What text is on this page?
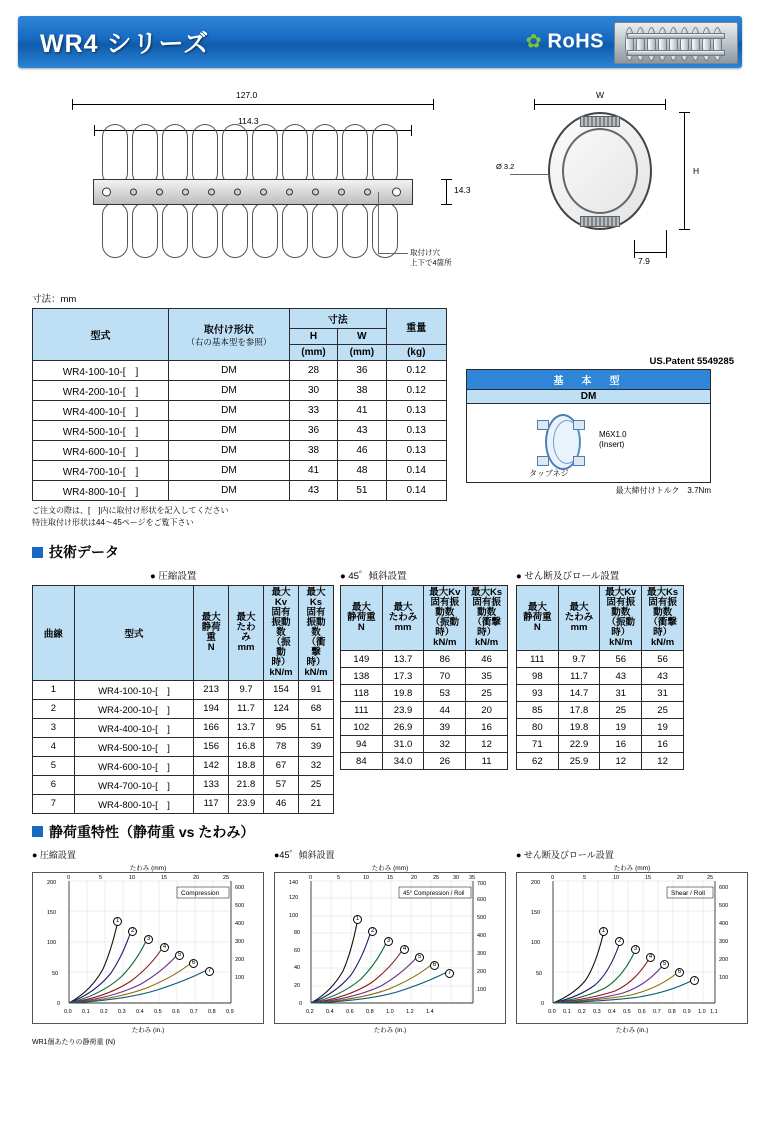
WR4 シリーズ	✿ RoHS
127.0
114.3
14.3
取付け穴
上下で4箇所
W
H
Ø 3.2
7.9
寸法：mm
型式	取付け形状
（右の基本型を参照）	寸法		重量
		H	W	
		(mm)	(mm)	(kg)
WR4-100-10-[　]	DM	28	36	0.12
WR4-200-10-[　]	DM	30	38	0.12
WR4-400-10-[　]	DM	33	41	0.13
WR4-500-10-[　]	DM	36	43	0.13
WR4-600-10-[　]	DM	38	46	0.13
WR4-700-10-[　]	DM	41	48	0.14
WR4-800-10-[　]	DM	43	51	0.14
ご注文の際は、[　]内に取付け形状を記入してください
特注取付け形状は44～45ページをご覧下さい
US.Patent 5549285
基　本　型
DM
M6X1.0
(Insert)
タップネジ
最大締付けトルク　3.7Nm
技術データ
● 圧縮設置
曲線	型式	最大
静荷重
N	最大
たわみ
mm	最大Kv
固有振動数
（振動時）
kN/m	最大Ks
固有振動数
（衝撃時）
kN/m
1	WR4-100-10-[　]	213	9.7	154	91
2	WR4-200-10-[　]	194	11.7	124	68
3	WR4-400-10-[　]	166	13.7	95	51
4	WR4-500-10-[　]	156	16.8	78	39
5	WR4-600-10-[　]	142	18.8	67	32
6	WR4-700-10-[　]	133	21.8	57	25
7	WR4-800-10-[　]	117	23.9	46	21
● 45゜傾斜設置
最大
静荷重
N	最大
たわみ
mm	最大Kv
固有振動数
（振動時）
kN/m	最大Ks
固有振動数
（衝撃時）
kN/m
149	13.7	86	46
138	17.3	70	35
118	19.8	53	25
111	23.9	44	20
102	26.9	39	16
94	31.0	32	12
84	34.0	26	11
● せん断及びロール設置
最大
静荷重
N	最大
たわみ
mm	最大Kv
固有振動数
（振動時）
kN/m	最大Ks
固有振動数
（衝撃時）
kN/m
111	9.7	56	56
98	11.7	43	43
93	14.7	31	31
85	17.8	25	25
80	19.8	19	19
71	22.9	16	16
62	25.9	12	12
静荷重特性（静荷重 vs たわみ）
● 圧縮設置
たわみ (mm)
0
50
100
150
200
0.0 0.1 0.2 0.3 0.4 0.5 0.6 0.7 0.8 0.9
0	5	10	15	20	25
100
200
300
400
500
600
Compression
1
2
3
4
5
6
7
たわみ (in.)
●45゜傾斜設置
たわみ (mm)
0
20
40
60
80
100
120
140
0.2 0.4 0.6 0.8 1.0 1.2 1.4
0	5	10	15	20	25	30 35
100
200
300
400
500
600
700
45° Compression / Roll
1
2
3
4
5
6
7
たわみ (in.)
● せん断及びロール設置
たわみ (mm)
0
50
100
150
200
0.0 0.1 0.2 0.3 0.4 0.5 0.6 0.7 0.8 0.9 1.0 1.1
0	5	10	15	20	25
100
200
300
400
500
600
Shear / Roll
1
2
3
4
5
6
7
たわみ (in.)
WR1個あたりの静荷重 (N)
